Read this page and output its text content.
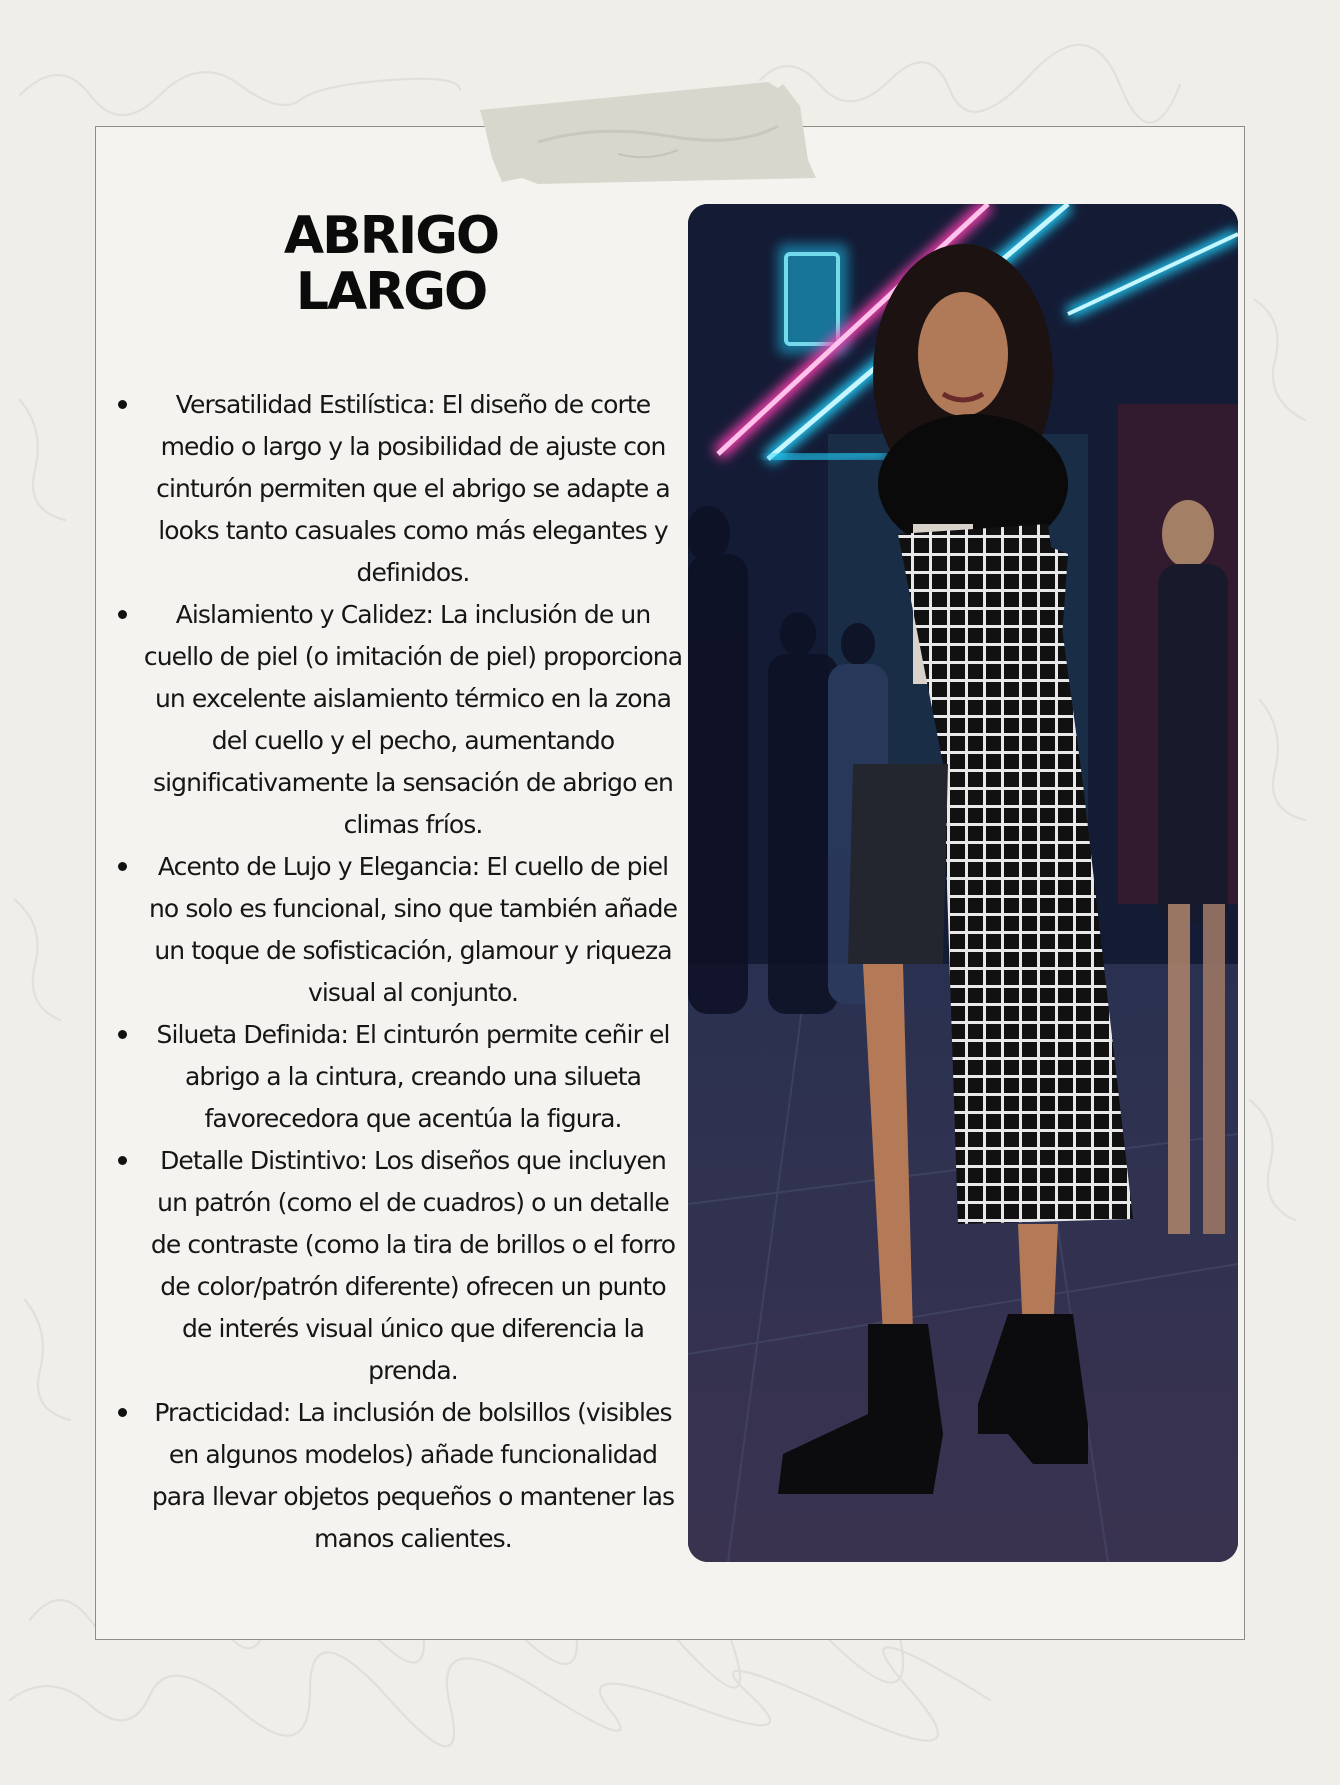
ABRIGO
LARGO
Versatilidad Estilística: El diseño de corte medio o largo y la posibilidad de ajuste con cinturón permiten que el abrigo se adapte a looks tanto casuales como más elegantes y definidos.
Aislamiento y Calidez: La inclusión de un cuello de piel (o imitación de piel) proporciona un excelente aislamiento térmico en la zona del cuello y el pecho, aumentando significativamente la sensación de abrigo en climas fríos.
Acento de Lujo y Elegancia: El cuello de piel no solo es funcional, sino que también añade un toque de sofisticación, glamour y riqueza visual al conjunto.
Silueta Definida: El cinturón permite ceñir el abrigo a la cintura, creando una silueta favorecedora que acentúa la figura.
Detalle Distintivo: Los diseños que incluyen un patrón (como el de cuadros) o un detalle de contraste (como la tira de brillos o el forro de color/patrón diferente) ofrecen un punto de interés visual único que diferencia la prenda.
Practicidad: La inclusión de bolsillos (visibles en algunos modelos) añade funcionalidad para llevar objetos pequeños o mantener las manos calientes.
